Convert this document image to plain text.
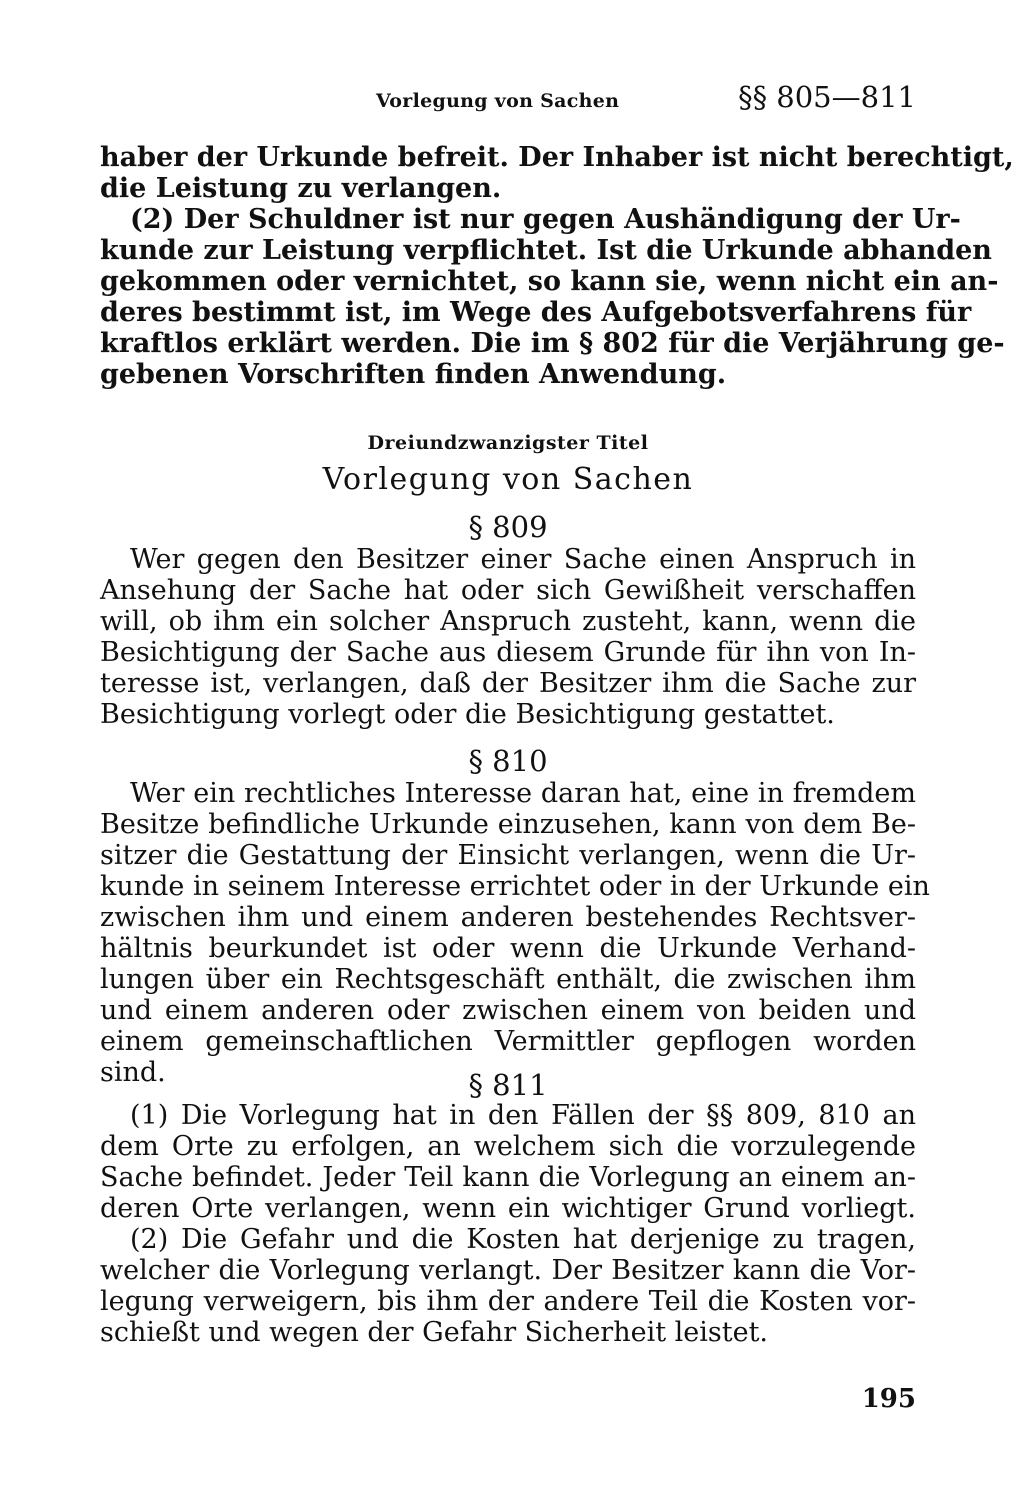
Vorlegung von Sachen	§§ 805—811
haber der Urkunde befreit. Der Inhaber ist nicht berechtigt,
die Leistung zu verlangen.
(2) Der Schuldner ist nur gegen Aushändigung der Ur-
kunde zur Leistung verpflichtet. Ist die Urkunde abhanden
gekommen oder vernichtet, so kann sie, wenn nicht ein an-
deres bestimmt ist, im Wege des Aufgebotsverfahrens für
kraftlos erklärt werden. Die im § 802 für die Verjährung ge-
gebenen Vorschriften finden Anwendung.
Dreiundzwanzigster Titel
Vorlegung von Sachen
§ 809
Wer gegen den Besitzer einer Sache einen Anspruch in
Ansehung der Sache hat oder sich Gewißheit verschaffen
will, ob ihm ein solcher Anspruch zusteht, kann, wenn die
Besichtigung der Sache aus diesem Grunde für ihn von In-
teresse ist, verlangen, daß der Besitzer ihm die Sache zur
Besichtigung vorlegt oder die Besichtigung gestattet.
§ 810
Wer ein rechtliches Interesse daran hat, eine in fremdem
Besitze befindliche Urkunde einzusehen, kann von dem Be-
sitzer die Gestattung der Einsicht verlangen, wenn die Ur-
kunde in seinem Interesse errichtet oder in der Urkunde ein
zwischen ihm und einem anderen bestehendes Rechtsver-
hältnis beurkundet ist oder wenn die Urkunde Verhand-
lungen über ein Rechtsgeschäft enthält, die zwischen ihm
und einem anderen oder zwischen einem von beiden und
einem gemeinschaftlichen Vermittler gepflogen worden
sind.	§ 811
(1) Die Vorlegung hat in den Fällen der §§ 809, 810 an
dem Orte zu erfolgen, an welchem sich die vorzulegende
Sache befindet. Jeder Teil kann die Vorlegung an einem an-
deren Orte verlangen, wenn ein wichtiger Grund vorliegt.
(2) Die Gefahr und die Kosten hat derjenige zu tragen,
welcher die Vorlegung verlangt. Der Besitzer kann die Vor-
legung verweigern, bis ihm der andere Teil die Kosten vor-
schießt und wegen der Gefahr Sicherheit leistet.
195
